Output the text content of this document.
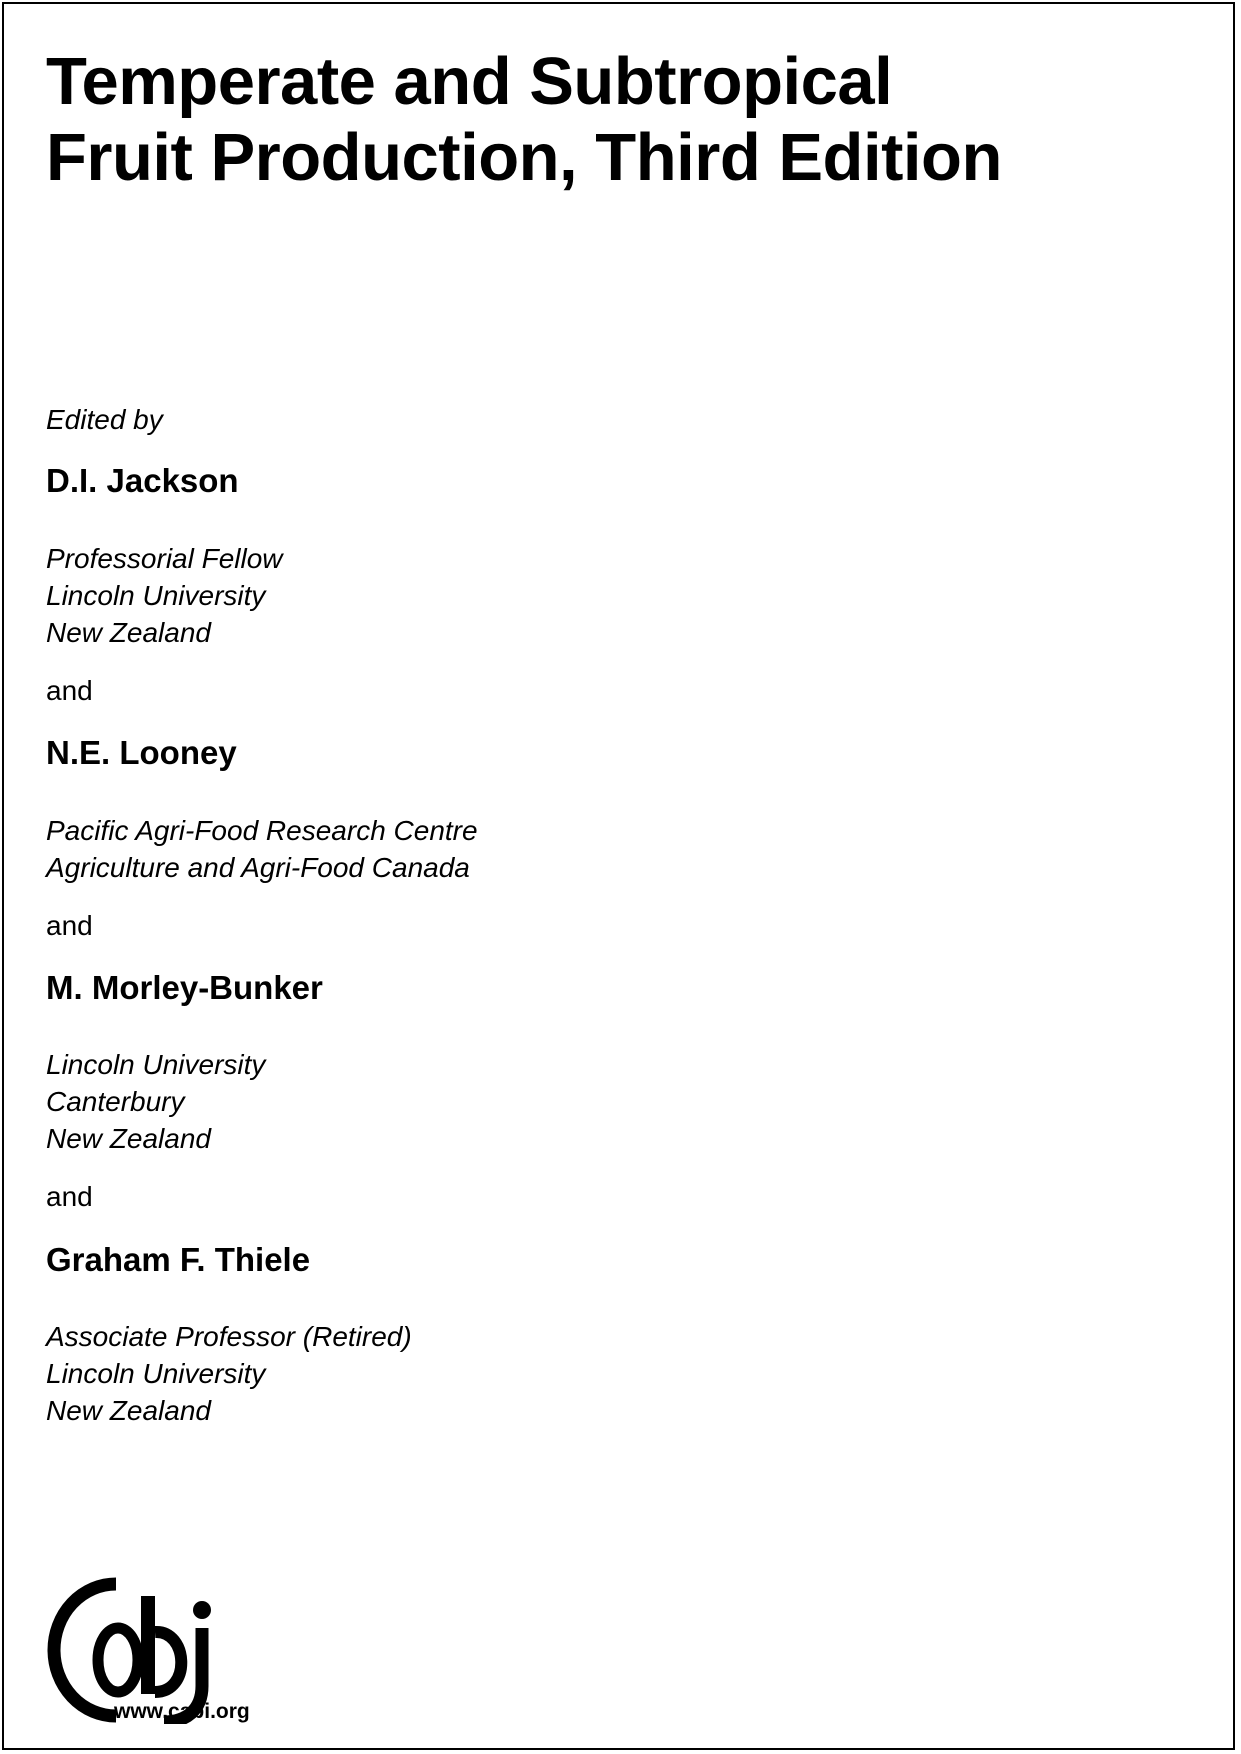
Temperate and Subtropical
Fruit Production, Third Edition

Edited by

D.I. Jackson

Professorial Fellow
Lincoln University
New Zealand

and

N.E. Looney

Pacific Agri-Food Research Centre
Agriculture and Agri-Food Canada

and

M. Morley-Bunker

Lincoln University
Canterbury
New Zealand

and

Graham F. Thiele

Associate Professor (Retired)
Lincoln University
New Zealand

www.cabi.org
